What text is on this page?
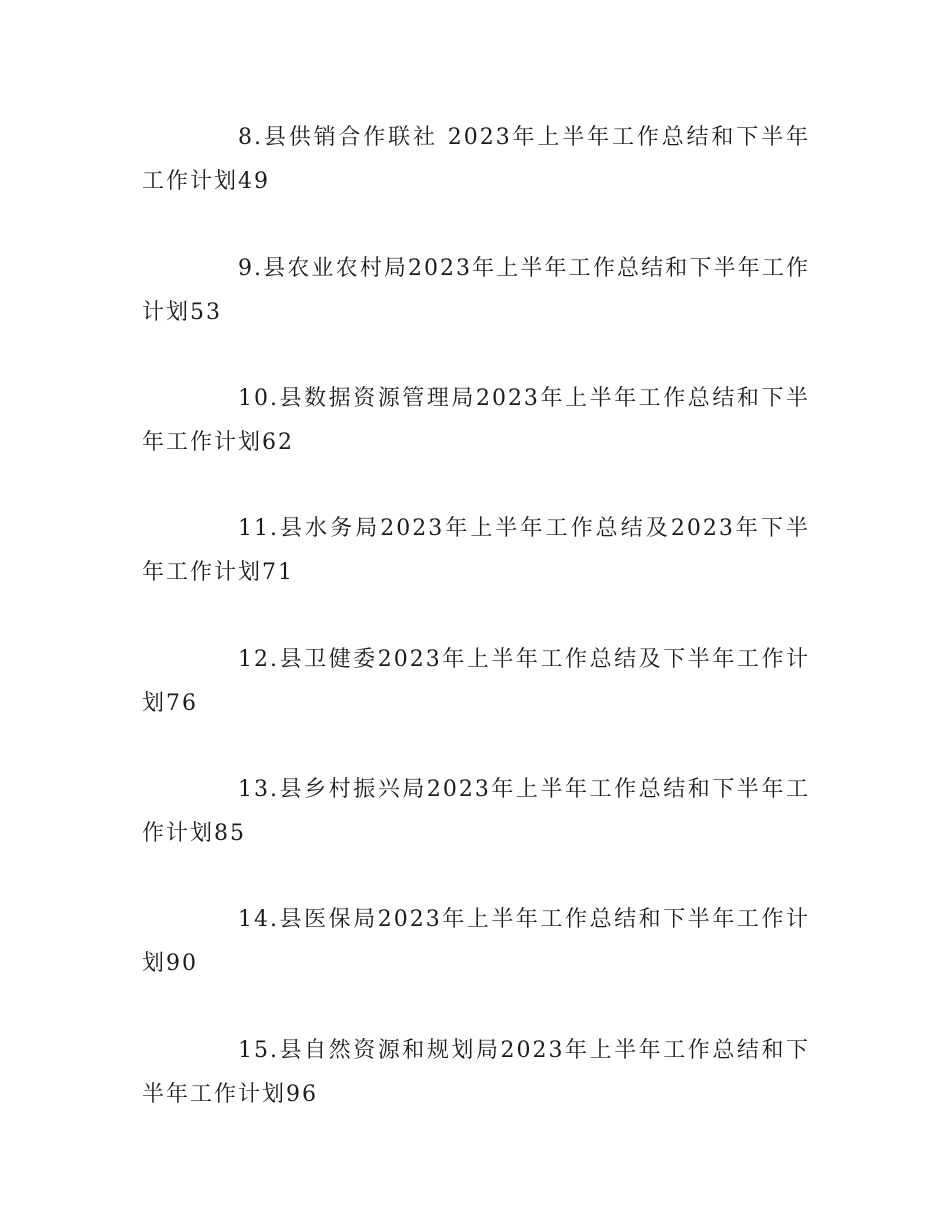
8.县供销合作联社 2023年上半年工作总结和下半年工作计划49

9.县农业农村局2023年上半年工作总结和下半年工作计划53

10.县数据资源管理局2023年上半年工作总结和下半年工作计划62

11.县水务局2023年上半年工作总结及2023年下半年工作计划71

12.县卫健委2023年上半年工作总结及下半年工作计划76

13.县乡村振兴局2023年上半年工作总结和下半年工作计划85

14.县医保局2023年上半年工作总结和下半年工作计划90

15.县自然资源和规划局2023年上半年工作总结和下半年工作计划96
